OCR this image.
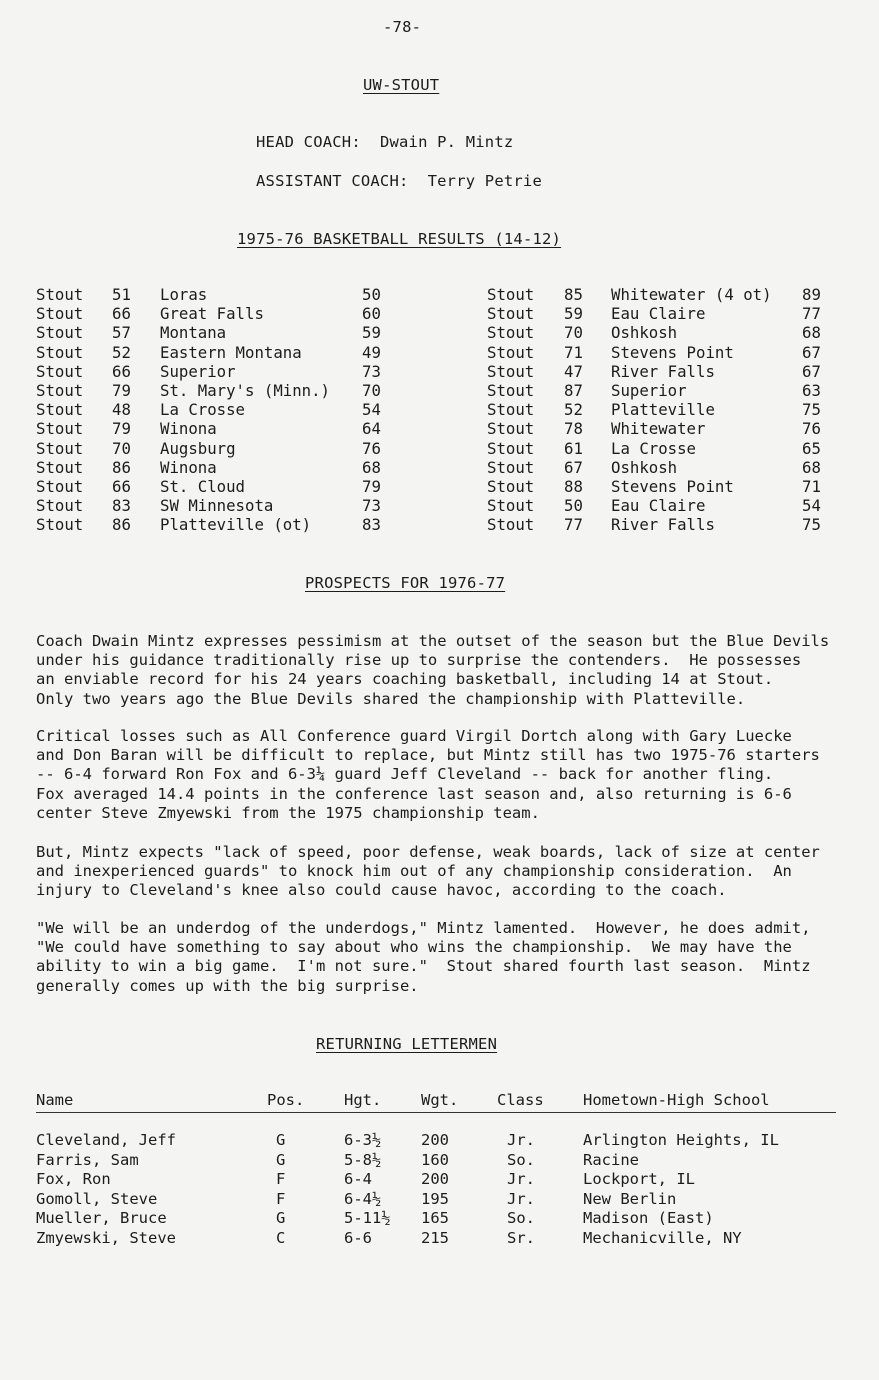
-78-
UW-STOUT
HEAD COACH: Dwain P. Mintz
ASSISTANT COACH: Terry Petrie
1975-76 BASKETBALL RESULTS (14-12)
Stout 51 Loras	50
Stout 66 Great Falls	60
Stout 57 Montana	59
Stout 52 Eastern Montana	49
Stout 66 Superior	73
Stout 79 St. Mary's (Minn.) 70
Stout 48 La Crosse	54
Stout 79 Winona	64
Stout 70 Augsburg	76
Stout 86 Winona	68
Stout 66 St. Cloud	79
Stout 83 SW Minnesota	73
Stout 86 Platteville (ot)	83
Stout 85 Whitewater (4 ot) 89
Stout 59 Eau Claire	77
Stout 70 Oshkosh	68
Stout 71 Stevens Point	67
Stout 47 River Falls	67
Stout 87 Superior	63
Stout 52 Platteville	75
Stout 78 Whitewater	76
Stout 61 La Crosse	65
Stout 67 Oshkosh	68
Stout 88 Stevens Point	71
Stout 50 Eau Claire	54
Stout 77 River Falls	75
PROSPECTS FOR 1976-77
Coach Dwain Mintz expresses pessimism at the outset of the season but the Blue Devils
under his guidance traditionally rise up to surprise the contenders.  He possesses
an enviable record for his 24 years coaching basketball, including 14 at Stout.
Only two years ago the Blue Devils shared the championship with Platteville.
Critical losses such as All Conference guard Virgil Dortch along with Gary Luecke
and Don Baran will be difficult to replace, but Mintz still has two 1975-76 starters
-- 6-4 forward Ron Fox and 6-3¼ guard Jeff Cleveland -- back for another fling.
Fox averaged 14.4 points in the conference last season and, also returning is 6-6
center Steve Zmyewski from the 1975 championship team.
But, Mintz expects "lack of speed, poor defense, weak boards, lack of size at center
and inexperienced guards" to knock him out of any championship consideration.  An
injury to Cleveland's knee also could cause havoc, according to the coach.
"We will be an underdog of the underdogs," Mintz lamented.  However, he does admit,
"We could have something to say about who wins the championship.  We may have the
ability to win a big game.  I'm not sure."  Stout shared fourth last season.  Mintz
generally comes up with the big surprise.
RETURNING LETTERMEN
Name	Pos.	Hgt.	Wgt. Class	Hometown-High School
Cleveland, Jeff	G	6-3½	200	Jr.	Arlington Heights, IL
Farris, Sam	G	5-8½	160	So.	Racine
Fox, Ron	F	6-4	200	Jr.	Lockport, IL
Gomoll, Steve	F	6-4½	195	Jr.	New Berlin
Mueller, Bruce	G	5-11½ 165	So.	Madison (East)
Zmyewski, Steve	C	6-6	215	Sr.	Mechanicville, NY
